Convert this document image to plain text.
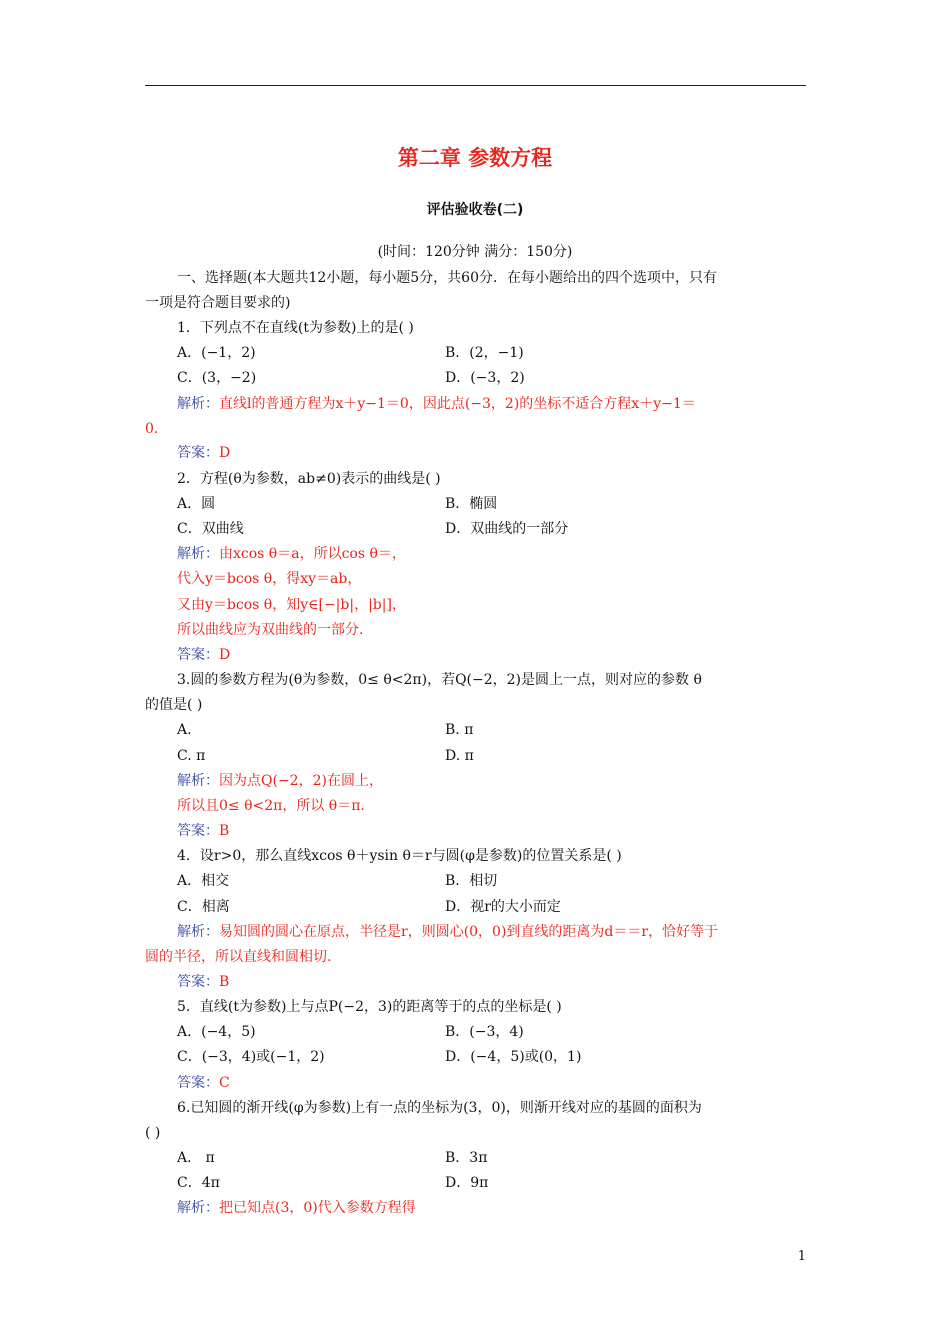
第二章 参数方程
评估验收卷(二)
(时间：120分钟 满分：150分)
一、选择题(本大题共12小题，每小题5分，共60分．在每小题给出的四个选项中，只有
一项是符合题目要求的)
1．下列点不在直线(t为参数)上的是( )
A．(−1，2)	B．(2，−1)
C．(3，−2)	D．(−3，2)
解析：直线l的普通方程为x＋y−1＝0，因此点(−3，2)的坐标不适合方程x＋y−1＝
0.
答案：D
2．方程(θ为参数，ab≠0)表示的曲线是( )
A．圆	B．椭圆
C．双曲线	D．双曲线的一部分
解析：由xcos θ＝a，所以cos θ＝，
代入y＝bcos θ，得xy＝ab，
又由y＝bcos θ，知y∈[−|b|，|b|]，
所以曲线应为双曲线的一部分.
答案：D
3.圆的参数方程为(θ为参数，0≤ θ<2π)，若Q(−2，2)是圆上一点，则对应的参数 θ
的值是( )
A.	B. π
C. π	D. π
解析：因为点Q(−2，2)在圆上，
所以且0≤ θ<2π，所以 θ＝π.
答案：B
4．设r>0，那么直线xcos θ＋ysin θ＝r与圆(φ是参数)的位置关系是( )
A．相交	B．相切
C．相离	D．视r的大小而定
解析：易知圆的圆心在原点，半径是r，则圆心(0，0)到直线的距离为d＝＝r，恰好等于
圆的半径，所以直线和圆相切.
答案：B
5．直线(t为参数)上与点P(−2，3)的距离等于的点的坐标是( )
A．(−4，5)	B．(−3，4)
C．(−3，4)或(−1，2)	D．(−4，5)或(0，1)
答案：C
6.已知圆的渐开线(φ为参数)上有一点的坐标为(3，0)，则渐开线对应的基圆的面积为
( )
A． π	B．3π
C．4π	D．9π
解析：把已知点(3，0)代入参数方程得
1
